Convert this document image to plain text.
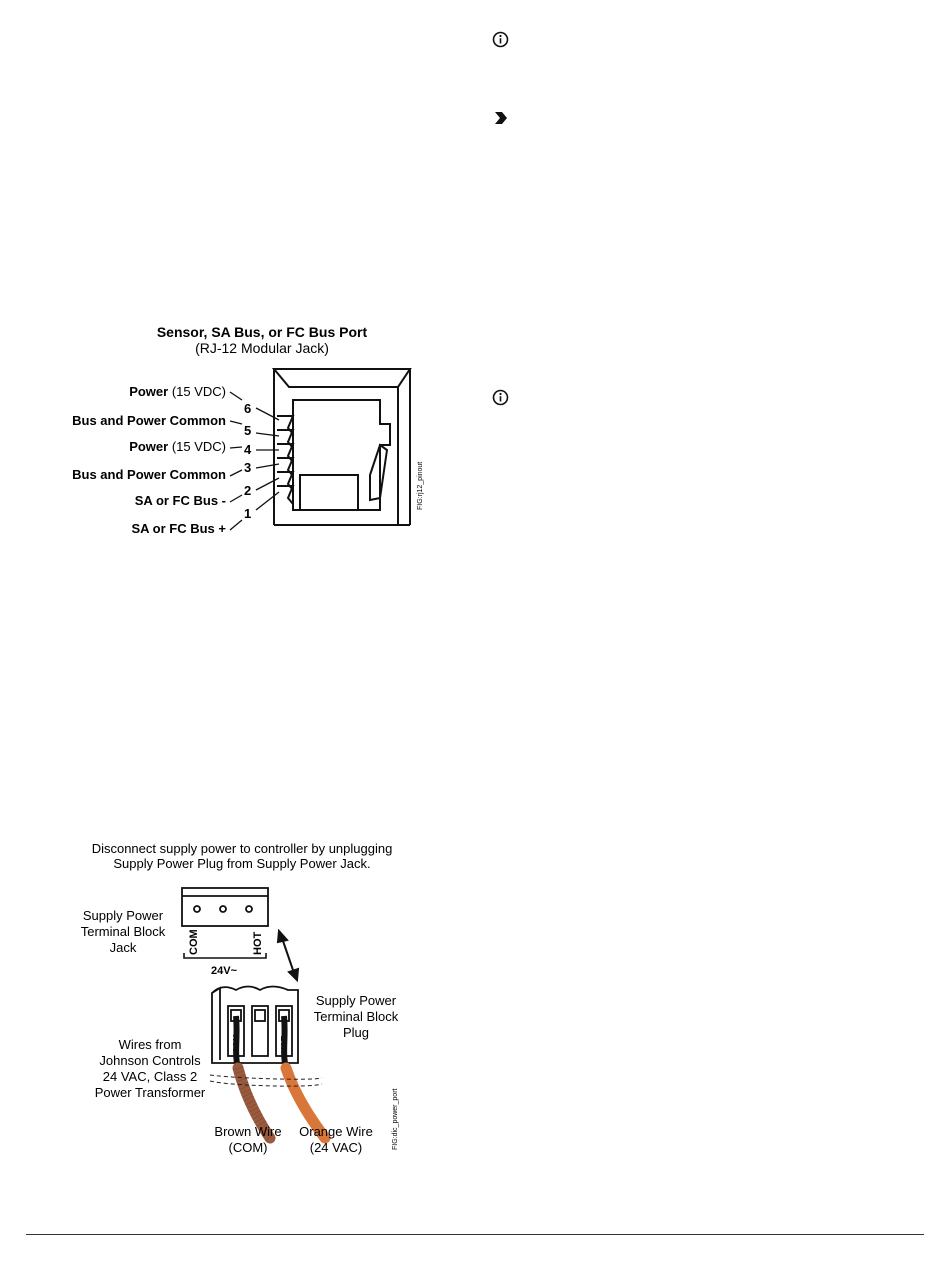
Sensor, SA Bus, or FC Bus Port
(RJ-12 Modular Jack)
Power (15 VDC)
6
Bus and Power Common
5
Power (15 VDC) 4
Bus and Power Common 3
SA or FC Bus -
2
SA or FC Bus +
1
FIG:rj12_pinout
Disconnect supply power to controller by unplugging
Supply Power Plug from Supply Power Jack.
COM	HOT
24V~
Supply Power
Terminal Block
Jack
COM	HOT
Supply Power
Terminal Block
Plug
Wires from
Johnson Controls
24 VAC, Class 2
Power Transformer
Brown Wire
(COM)
Orange Wire
(24 VAC)	FIG:dic_power_port
